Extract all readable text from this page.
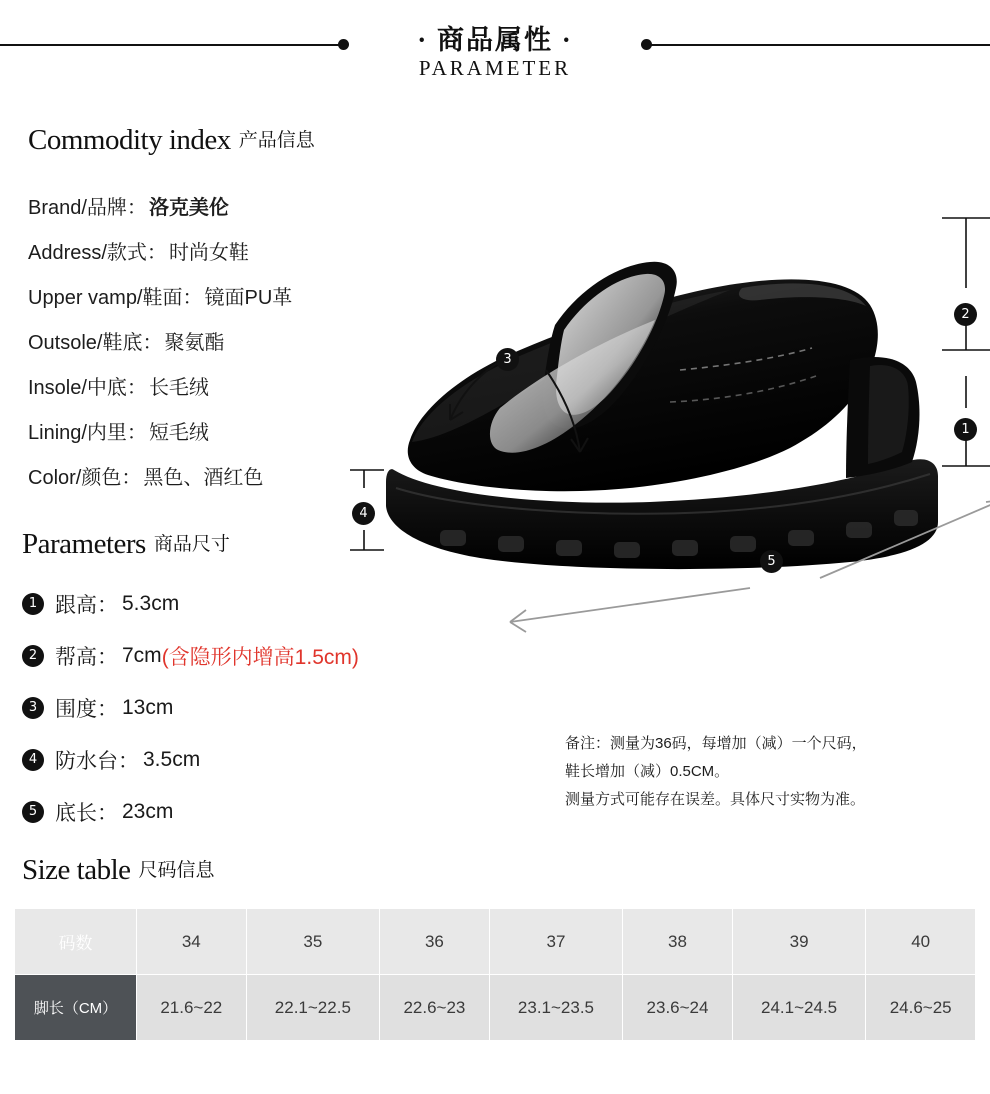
· 商品属性 ·
PARAMETER
Commodity index 产品信息
Brand/品牌： 洛克美伦
Address/款式： 时尚女鞋
Upper vamp/鞋面： 镜面PU革
Outsole/鞋底： 聚氨酯
Insole/中底： 长毛绒
Lining/内里： 短毛绒
Color/颜色： 黑色、酒红色
Parameters 商品尺寸
1 跟高： 5.3cm
2 帮高： 7cm (含隐形内增高1.5cm)
3 围度： 13cm
4 防水台： 3.5cm
5 底长： 23cm
备注：测量为36码，每增加（减）一个尺码，
鞋长增加（减）0.5CM。
测量方式可能存在误差。具体尺寸实物为准。
2
1
3
4
5
Size table 尺码信息
码数	34	35	36	37	38	39	40
脚长（CM）	21.6~22	22.1~22.5	22.6~23	23.1~23.5	23.6~24	24.1~24.5	24.6~25
